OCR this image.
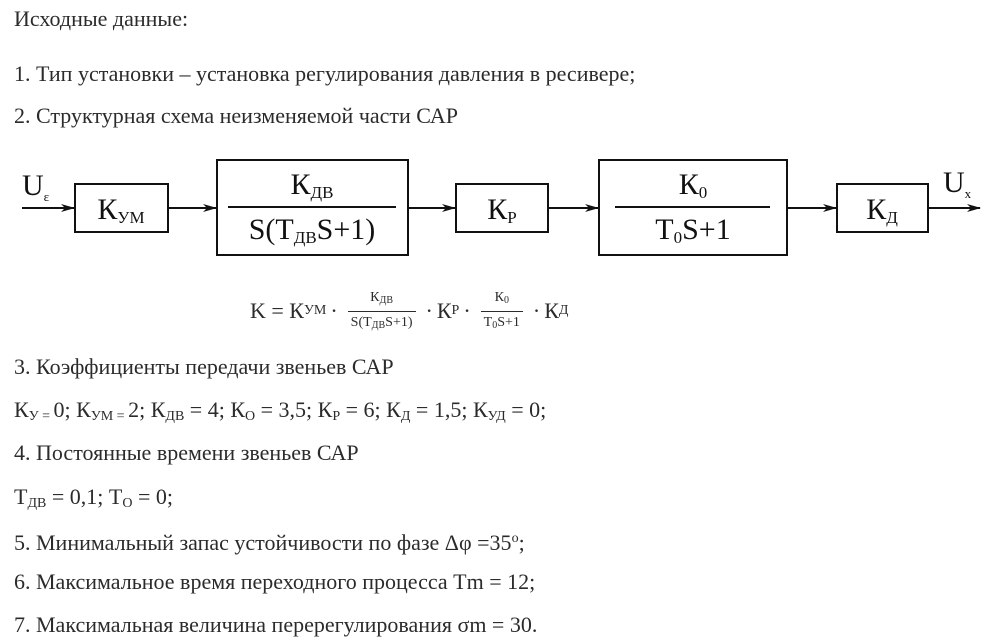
Исходные данные:
1. Тип установки – установка регулирования давления в ресивере;
2. Структурная схема неизменяемой части САР
$U_\varepsilon$ КУМ
КДВ
S(TДВS+1)
КР
К0
T0S+1
КД
$U_x$
K = К УМ · $\frac{К_{ДВ}}{S(T_{ДВ}S+1)} \cdot К$ $Р \cdot \frac{К_0}{T_0S+1} \cdot К$ Д
3. Коэффициенты передачи звеньев САР
$К_{У =}$ 0; $К_{УМ =}$ 2; $К_{ДВ} = 4$; $К_О = 3,5$; $К_Р = 6$; $К_Д = 1,5$; $К_{УД} = 0$;
4. Постоянные времени звеньев САР
$Т_{ДВ} = 0,1$; $Т_О = 0$;
5. Минимальный запас устойчивости по фазе $\Delta\varphi =35^o$;
6. Максимальное время переходного процесса Tm = 12;
7. Максимальная величина перерегулирования σm = 30.
